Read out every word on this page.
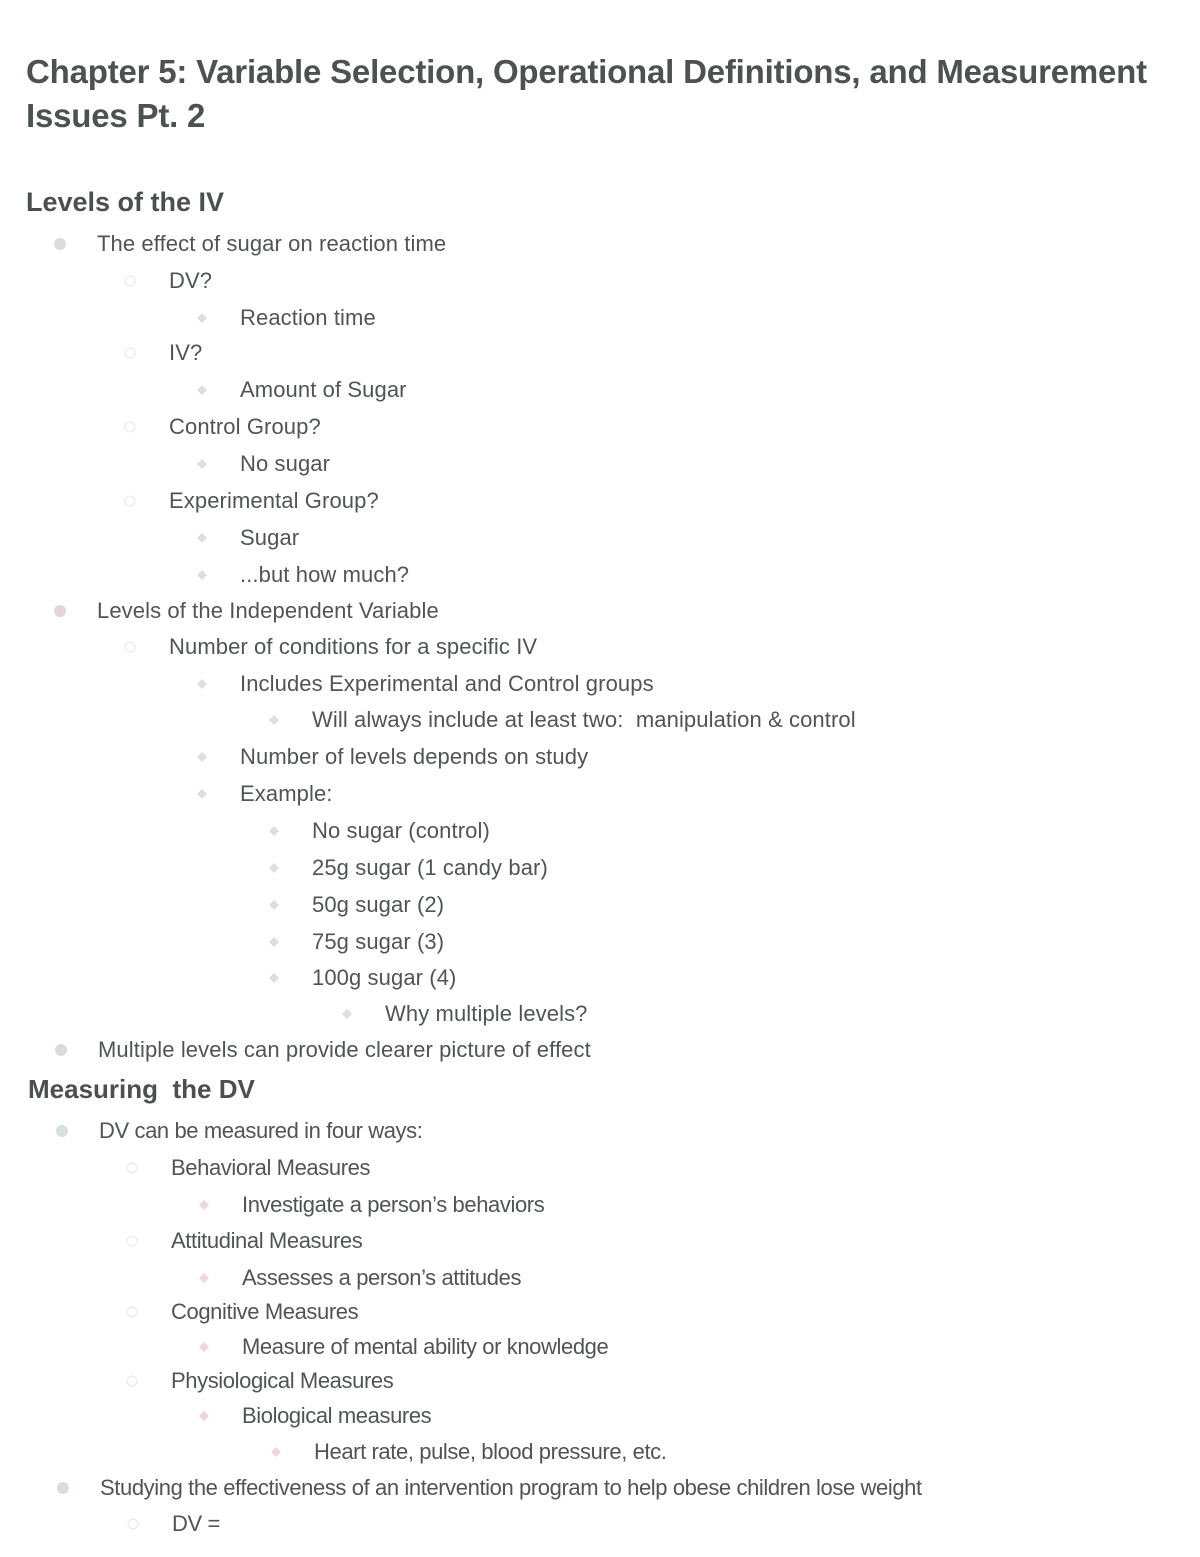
Chapter 5: Variable Selection, Operational Definitions, and Measurement Issues Pt. 2
Levels of the IV
The effect of sugar on reaction time
DV?
Reaction time
IV?
Amount of Sugar
Control Group?
No sugar
Experimental Group?
Sugar
...but how much?
Levels of the Independent Variable
Number of conditions for a specific IV
Includes Experimental and Control groups
Will always include at least two:  manipulation & control
Number of levels depends on study
Example:
No sugar (control)
25g sugar (1 candy bar)
50g sugar (2)
75g sugar (3)
100g sugar (4)
Why multiple levels?
Multiple levels can provide clearer picture of effect
Measuring  the DV
DV can be measured in four ways:
Behavioral Measures
Investigate a person’s behaviors
Attitudinal Measures
Assesses a person’s attitudes
Cognitive Measures
Measure of mental ability or knowledge
Physiological Measures
Biological measures
Heart rate, pulse, blood pressure, etc.
Studying the effectiveness of an intervention program to help obese children lose weight
DV =
